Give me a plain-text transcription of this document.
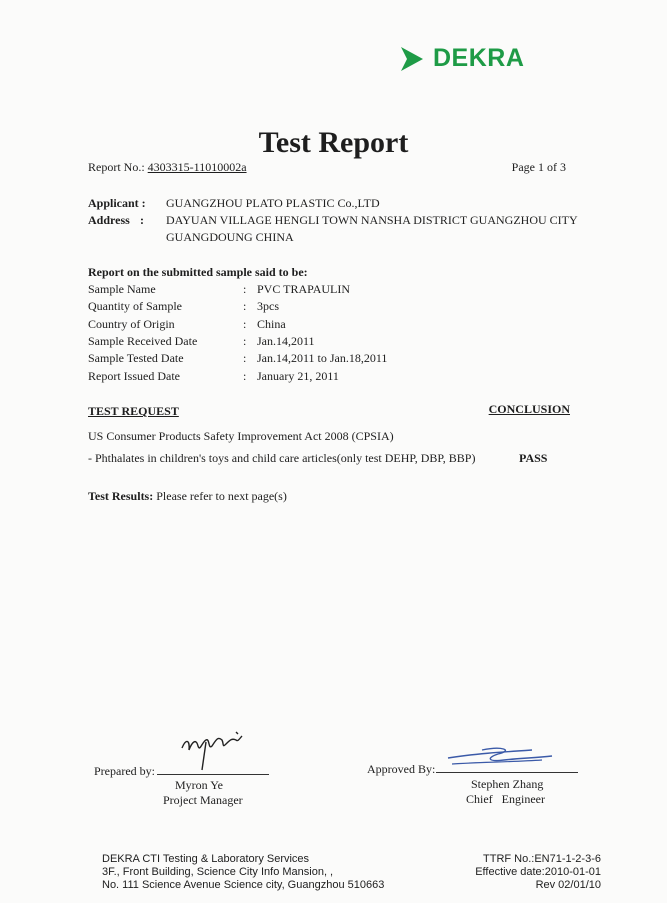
DEKRA
Test Report
Report No.: 4303315-11010002a	Page 1 of 3
Applicant : GUANGZHOU PLATO PLASTIC Co.,LTD
Address : DAYUAN VILLAGE HENGLI TOWN NANSHA DISTRICT GUANGZHOU CITY
GUANGDOUNG CHINA
Report on the submitted sample said to be:
Sample Name	: PVC TRAPAULIN
Quantity of Sample	: 3pcs
Country of Origin	: China
Sample Received Date	: Jan.14,2011
Sample Tested Date	: Jan.14,2011 to Jan.18,2011
Report Issued Date	: January 21, 2011
TEST REQUEST	CONCLUSION
US Consumer Products Safety Improvement Act 2008 (CPSIA)
- Phthalates in children's toys and child care articles(only test DEHP, DBP, BBP)	PASS
Test Results: Please refer to next page(s)
Prepared by:
Myron Ye
Project Manager
Approved By:
Stephen Zhang
Chief   Engineer
DEKRA CTI Testing & Laboratory Services
3F., Front Building, Science City Info Mansion, ,
No. 111 Science Avenue Science city, Guangzhou 510663
TTRF No.:EN71-1-2-3-6
Effective date:2010-01-01
Rev 02/01/10
